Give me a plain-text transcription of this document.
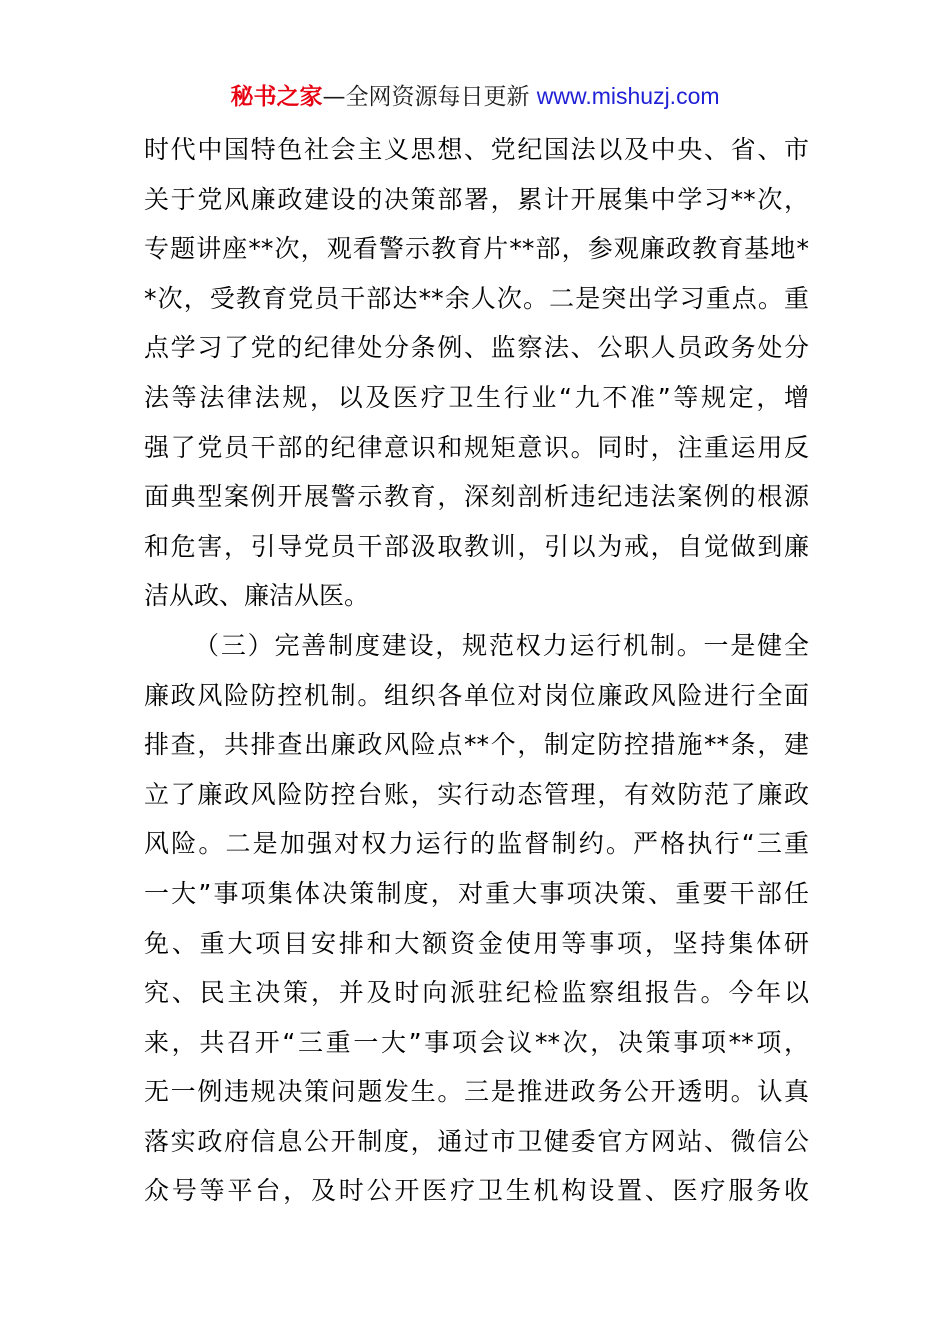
秘书之家—全网资源每日更新 www.mishuzj.com
时代中国特色社会主义思想、党纪国法以及中央、省、市
关于党风廉政建设的决策部署，累计开展集中学习**次，
专题讲座**次，观看警示教育片**部，参观廉政教育基地*
*次，受教育党员干部达**余人次。二是突出学习重点。重
点学习了党的纪律处分条例、监察法、公职人员政务处分
法等法律法规，以及医疗卫生行业“九不准”等规定，增
强了党员干部的纪律意识和规矩意识。同时，注重运用反
面典型案例开展警示教育，深刻剖析违纪违法案例的根源
和危害，引导党员干部汲取教训，引以为戒，自觉做到廉
洁从政、廉洁从医。
（三）完善制度建设，规范权力运行机制。一是健全
廉政风险防控机制。组织各单位对岗位廉政风险进行全面
排查，共排查出廉政风险点**个，制定防控措施**条，建
立了廉政风险防控台账，实行动态管理，有效防范了廉政
风险。二是加强对权力运行的监督制约。严格执行“三重
一大”事项集体决策制度，对重大事项决策、重要干部任
免、重大项目安排和大额资金使用等事项，坚持集体研
究、民主决策，并及时向派驻纪检监察组报告。今年以
来，共召开“三重一大”事项会议**次，决策事项**项，
无一例违规决策问题发生。三是推进政务公开透明。认真
落实政府信息公开制度，通过市卫健委官方网站、微信公
众号等平台，及时公开医疗卫生机构设置、医疗服务收
